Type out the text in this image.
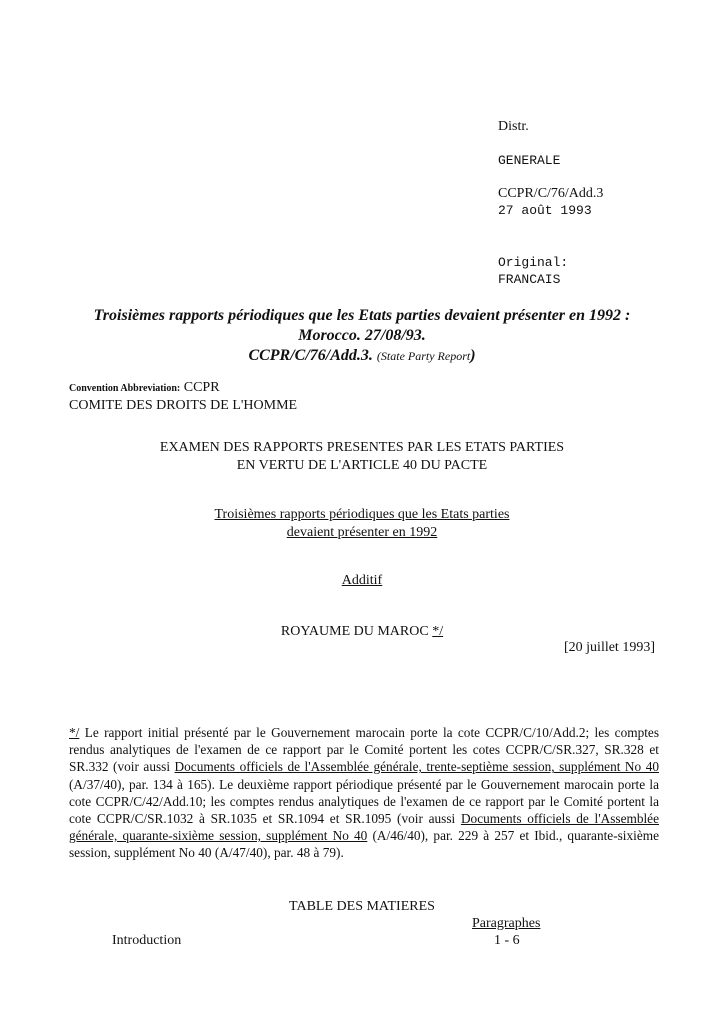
Distr.
GENERALE
CCPR/C/76/Add.3
27 août 1993
Original:
FRANCAIS
Troisièmes rapports périodiques que les Etats parties devaient présenter en 1992 :
Morocco. 27/08/93.
CCPR/C/76/Add.3. (State Party Report)
Convention Abbreviation: CCPR
COMITE DES DROITS DE L'HOMME
EXAMEN DES RAPPORTS PRESENTES PAR LES ETATS PARTIES
EN VERTU DE L'ARTICLE 40 DU PACTE
Troisièmes rapports périodiques que les Etats parties
devaient présenter en 1992
Additif
ROYAUME DU MAROC */
[20 juillet 1993]

*/ Le rapport initial présenté par le Gouvernement marocain porte la cote CCPR/C/10/Add.2; les comptes rendus analytiques de l'examen de ce rapport par le Comité portent les cotes CCPR/C/SR.327, SR.328 et SR.332 (voir aussi Documents officiels de l'Assemblée générale, trente-septième session, supplément No 40 (A/37/40), par. 134 à 165). Le deuxième rapport périodique présenté par le Gouvernement marocain porte la cote CCPR/C/42/Add.10; les comptes rendus analytiques de l'examen de ce rapport par le Comité portent la cote CCPR/C/SR.1032 à SR.1035 et SR.1094 et SR.1095 (voir aussi Documents officiels de l'Assemblée générale, quarante-sixième session, supplément No 40 (A/46/40), par. 229 à 257 et Ibid., quarante-sixième session, supplément No 40 (A/47/40), par. 48 à 79).

TABLE DES MATIERES
Paragraphes
Introduction	1 - 6
